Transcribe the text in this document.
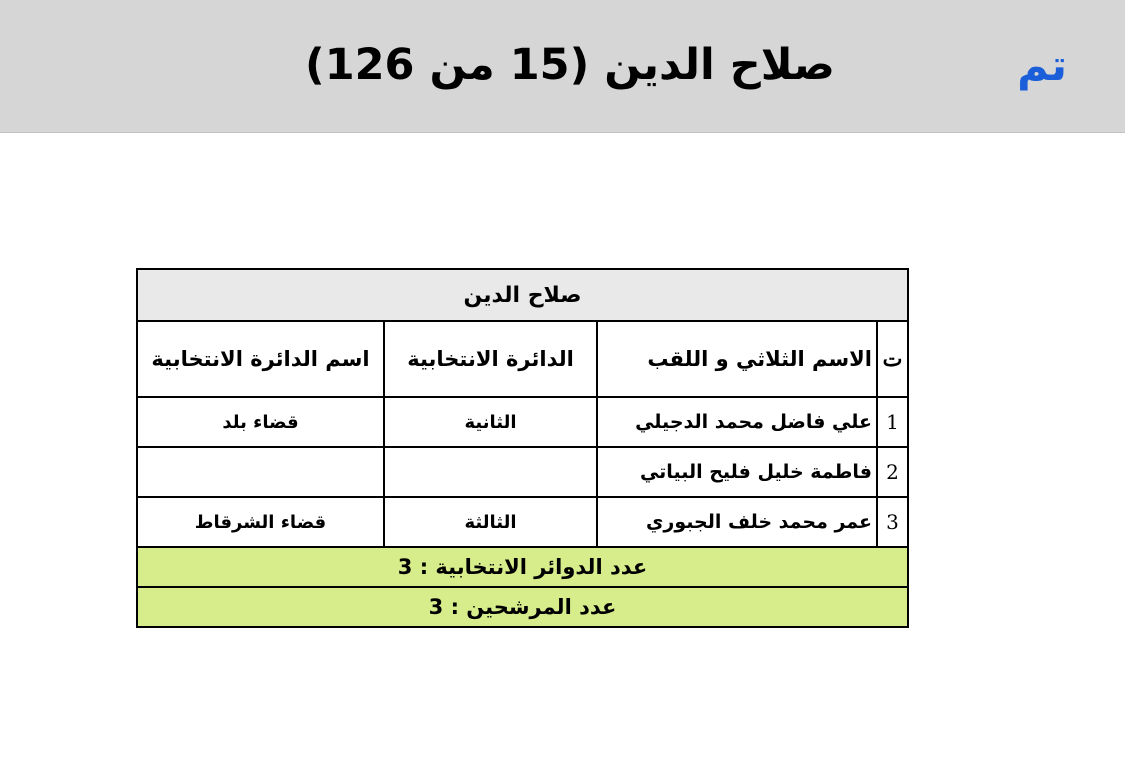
صلاح الدين (15 من 126)	تم
صلاح الدين			
ت	الاسم الثلاثي و اللقب	الدائرة الانتخابية	اسم الدائرة الانتخابية
1	علي فاضل محمد الدجيلي	الثانية	قضاء بلد
2	فاطمة خليل فليح البياتي		
3	عمر محمد خلف الجبوري	الثالثة	قضاء الشرقاط
عدد الدوائر الانتخابية : 3			
عدد المرشحين : 3			
